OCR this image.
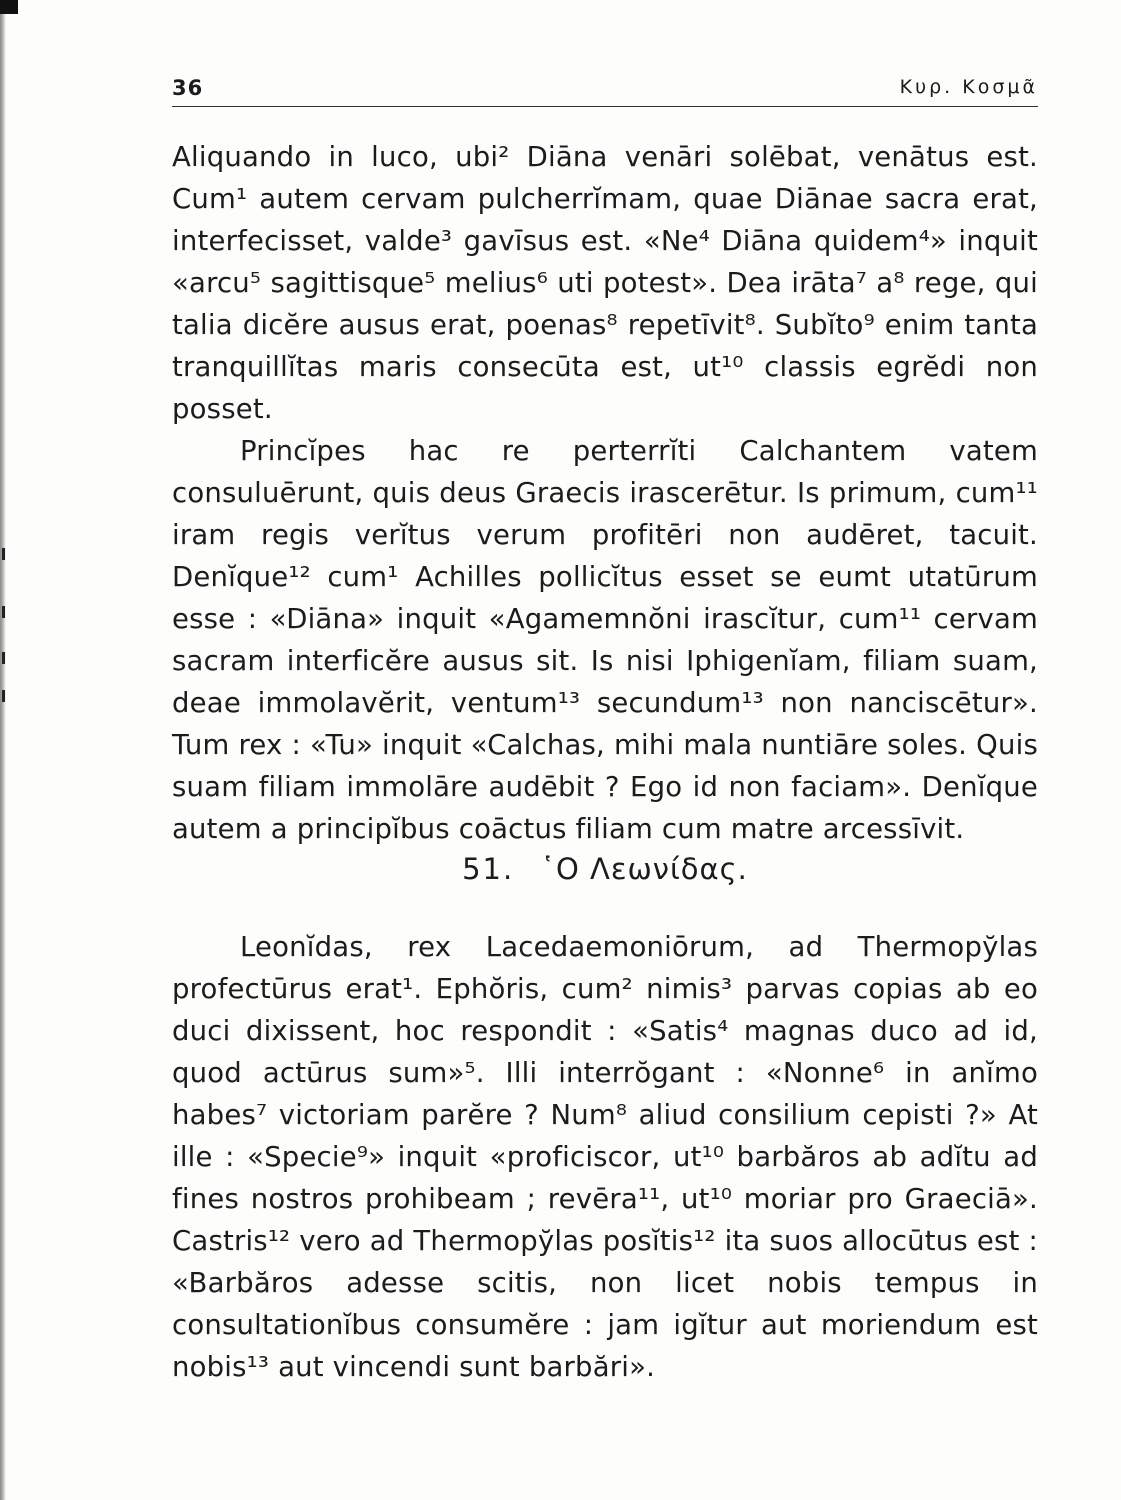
36	Κυρ. Κοσμᾶ

Aliquando in luco, ubi² Diāna venāri solēbat, venātus est. Cum¹ autem cervam pulcherrĭmam, quae Diānae sacra erat, interfecisset, valde³ gavīsus est. «Ne⁴ Diāna quidem⁴» inquit «arcu⁵ sagittisque⁵ melius⁶ uti potest». Dea irāta⁷ a⁸ rege, qui talia dicĕre ausus erat, poenas⁸ repetīvit⁸. Subĭto⁹ enim tanta tranquillĭtas maris consecūta est, ut¹⁰ classis egrĕdi non posset.

Princĭpes hac re perterrĭti Calchantem vatem consuluērunt, quis deus Graecis irascerētur. Is primum, cum¹¹ iram regis verĭtus verum profitēri non audēret, tacuit. Denĭque¹² cum¹ Achilles pollicĭtus esset se eumt utatūrum esse : «Diāna» inquit «Agamemnŏni irascĭtur, cum¹¹ cervam sacram interficĕre ausus sit. Is nisi Iphigenĭam, filiam suam, deae immolavĕrit, ventum¹³ secundum¹³ non nanciscētur». Tum rex : «Tu» inquit «Calchas, mihi mala nuntiāre soles. Quis suam filiam immolāre audēbit ? Ego id non faciam». Denĭque autem a principĭbus coāctus filiam cum matre arcessīvit.

51. ῾Ο Λεωνίδας.

Leonĭdas, rex Lacedaemoniōrum, ad Thermopўlas profectūrus erat¹. Ephŏris, cum² nimis³ parvas copias ab eo duci dixissent, hoc respondit : «Satis⁴ magnas duco ad id, quod actūrus sum»⁵. Illi interrŏgant : «Nonne⁶ in anĭmo habes⁷ victoriam parĕre ? Num⁸ aliud consilium cepisti ?» At ille : «Specie⁹» inquit «proficiscor, ut¹⁰ barbăros ab adĭtu ad fines nostros prohibeam ; revēra¹¹, ut¹⁰ moriar pro Graeciā». Castris¹² vero ad Thermopўlas posĭtis¹² ita suos allocūtus est : «Barbăros adesse scitis, non licet nobis tempus in consultationĭbus consumĕre : jam igĭtur aut moriendum est nobis¹³ aut vincendi sunt barbări».
